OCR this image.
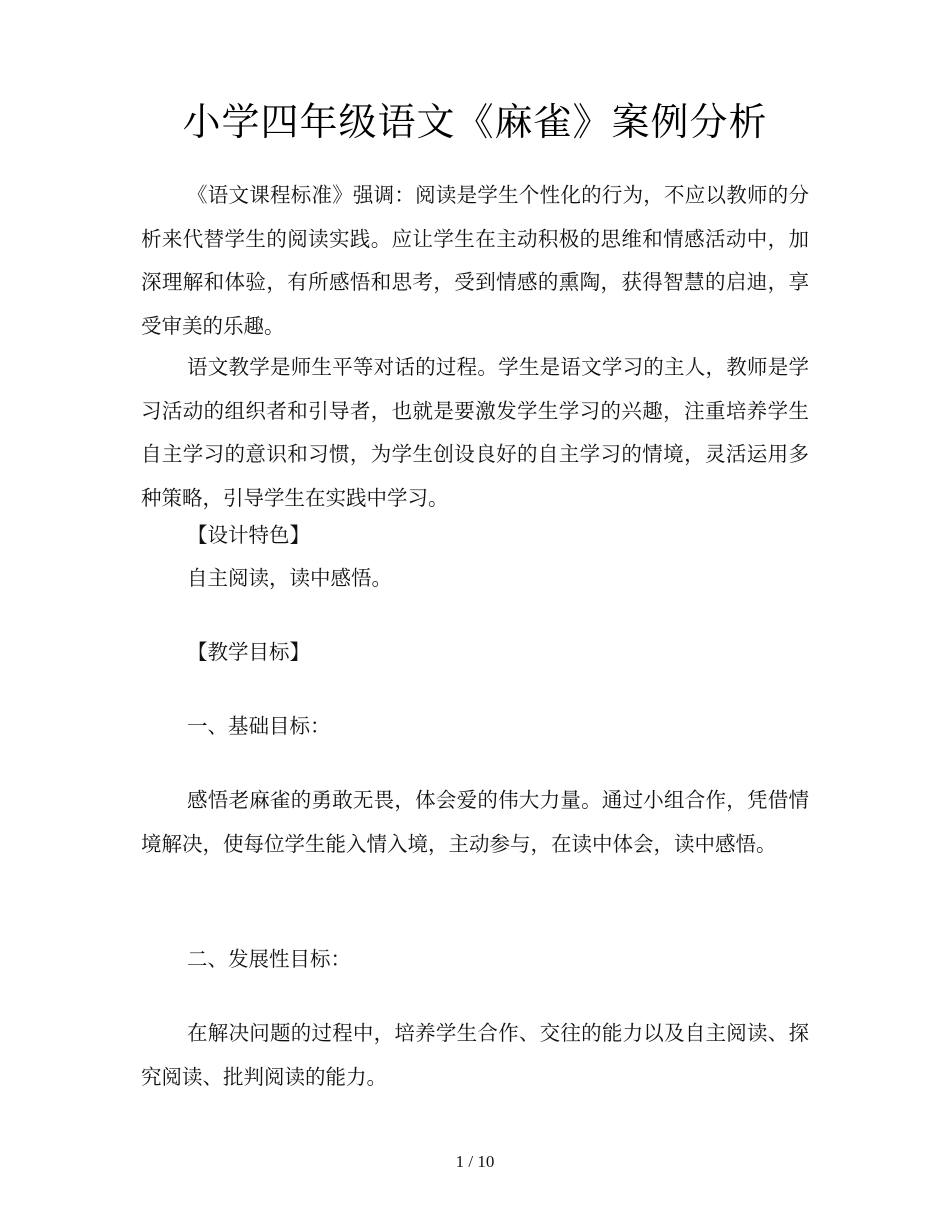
小学四年级语文《麻雀》案例分析

《语文课程标准》强调：阅读是学生个性化的行为，不应以教师的分析来代替学生的阅读实践。应让学生在主动积极的思维和情感活动中，加深理解和体验，有所感悟和思考，受到情感的熏陶，获得智慧的启迪，享受审美的乐趣。

语文教学是师生平等对话的过程。学生是语文学习的主人，教师是学习活动的组织者和引导者，也就是要激发学生学习的兴趣，注重培养学生自主学习的意识和习惯，为学生创设良好的自主学习的情境，灵活运用多种策略，引导学生在实践中学习。

【设计特色】

自主阅读，读中感悟。

【教学目标】

一、基础目标：

感悟老麻雀的勇敢无畏，体会爱的伟大力量。通过小组合作，凭借情境解决，使每位学生能入情入境，主动参与，在读中体会，读中感悟。

二、发展性目标：

在解决问题的过程中，培养学生合作、交往的能力以及自主阅读、探究阅读、批判阅读的能力。

1 / 10
